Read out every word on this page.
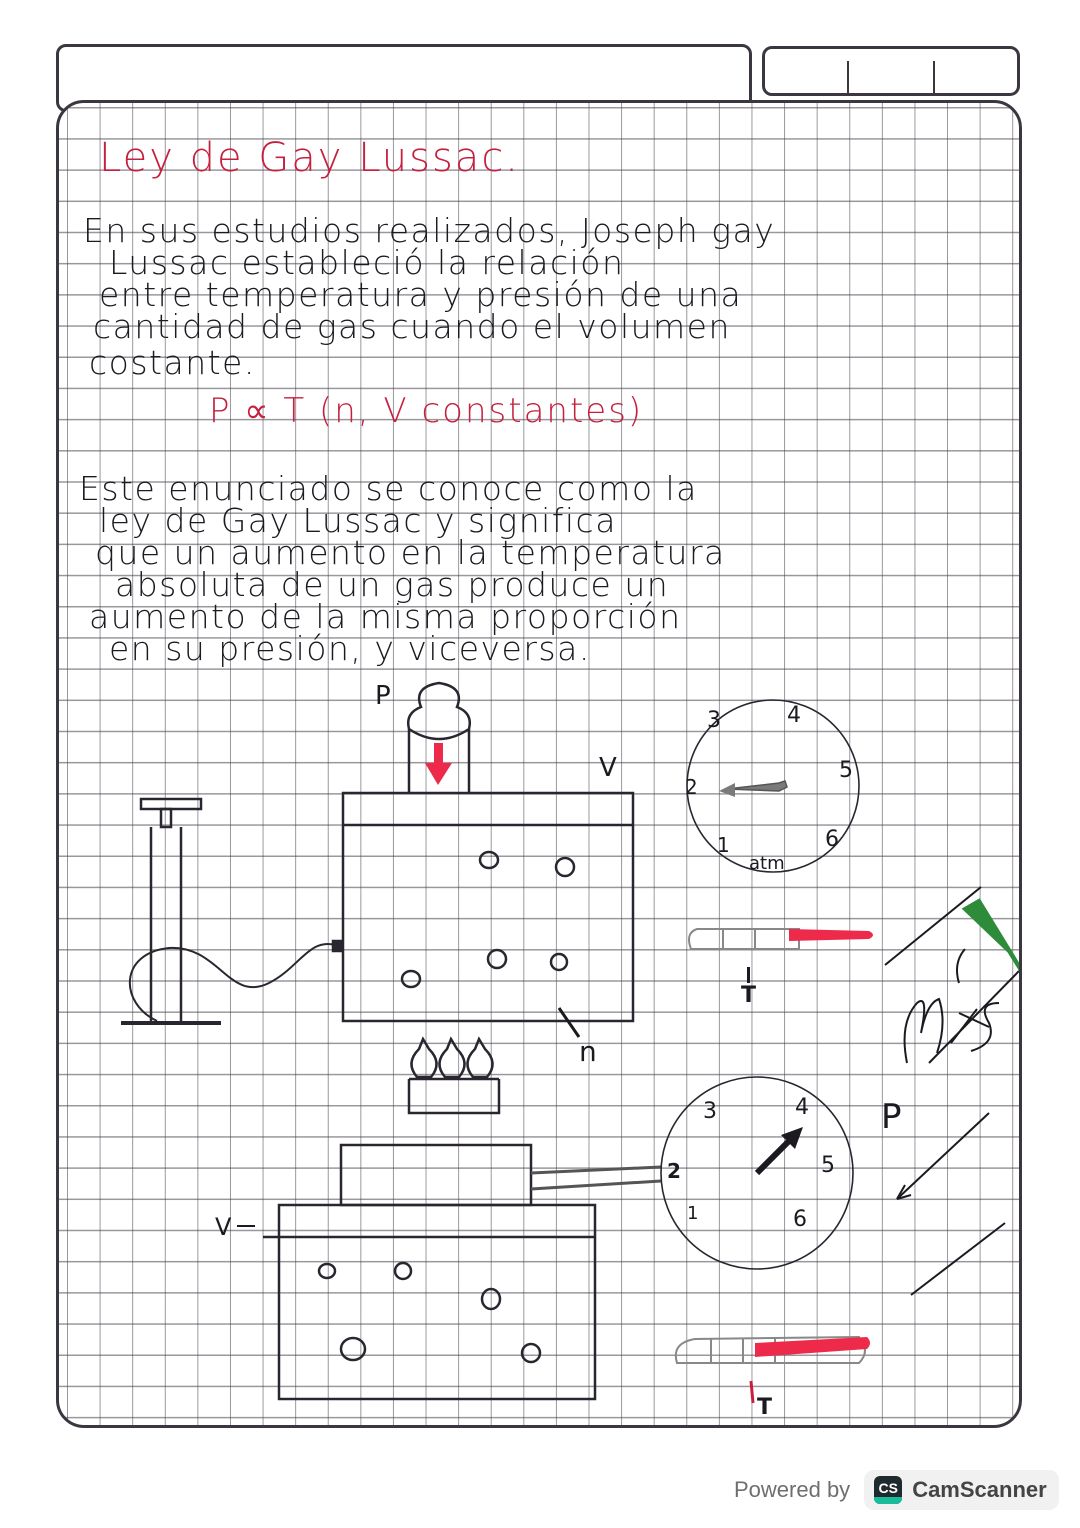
Ley de Gay Lussac.
En sus estudios realizados, Joseph gay
Lussac estableció la relación
entre temperatura y presión de una
cantidad de gas cuando el volumen
costante.
P ∝ T (n, V constantes)
Este enunciado se conoce como la
ley de Gay Lussac y significa
que un aumento en la temperatura
absoluta de un gas produce un
aumento de la misma proporción
en su presión, y viceversa.
P
V
n
3	4
5
2
1	6
atm
T
V
P
3	4
5
2
1	6
T
Powered by CS CamScanner
